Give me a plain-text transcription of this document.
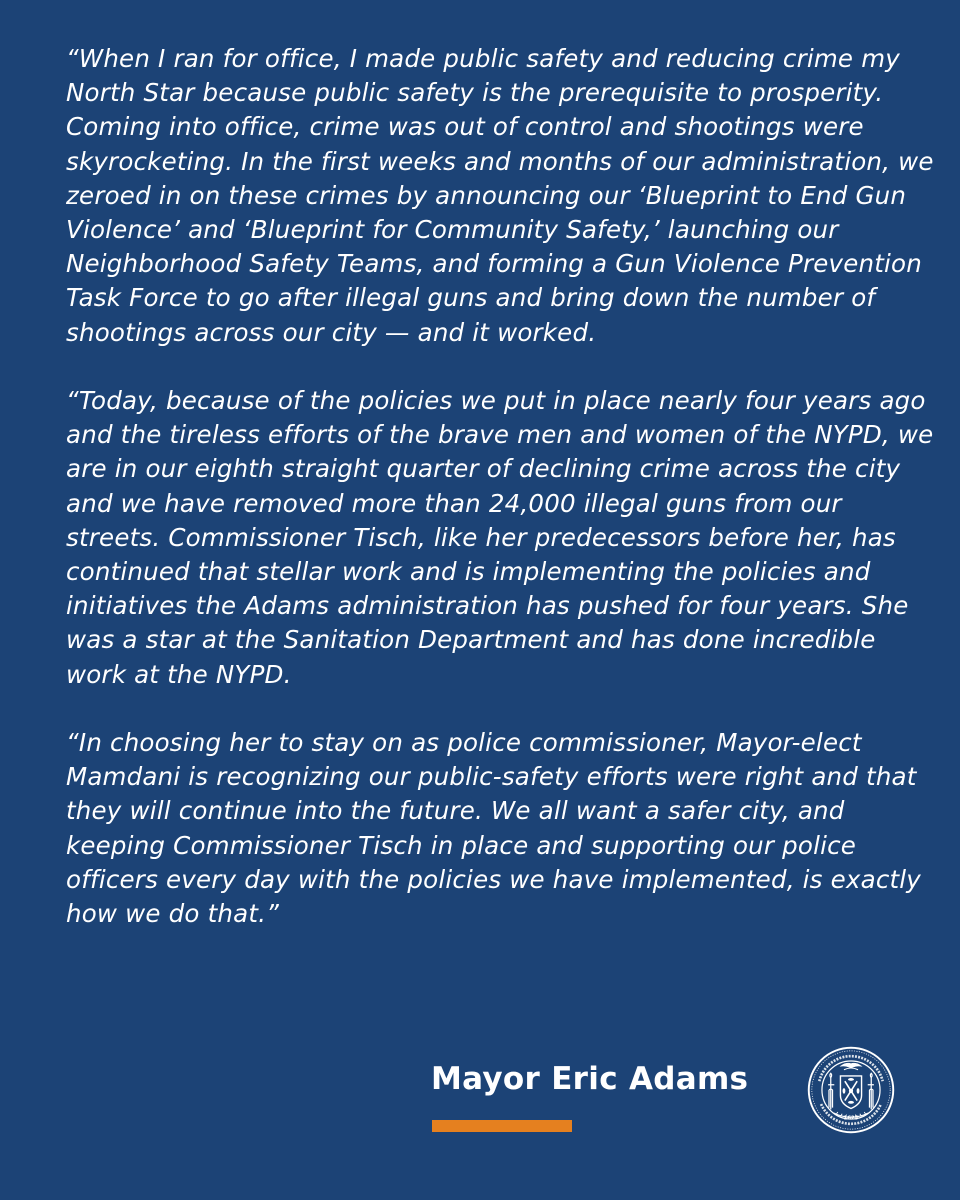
“When I ran for office, I made public safety and reducing crime my North Star because public safety is the prerequisite to prosperity. Coming into office, crime was out of control and shootings were skyrocketing. In the first weeks and months of our administration, we zeroed in on these crimes by announcing our ‘Blueprint to End Gun Violence’ and ‘Blueprint for Community Safety,’ launching our Neighborhood Safety Teams, and forming a Gun Violence Prevention Task Force to go after illegal guns and bring down the number of shootings across our city — and it worked.

“Today, because of the policies we put in place nearly four years ago and the tireless efforts of the brave men and women of the NYPD, we are in our eighth straight quarter of declining crime across the city and we have removed more than 24,000 illegal guns from our streets. Commissioner Tisch, like her predecessors before her, has continued that stellar work and is implementing the policies and initiatives the Adams administration has pushed for four years. She was a star at the Sanitation Department and has done incredible work at the NYPD.

“In choosing her to stay on as police commissioner, Mayor-elect Mamdani is recognizing our public-safety efforts were right and that they will continue into the future. We all want a safer city, and keeping Commissioner Tisch in place and supporting our police officers every day with the policies we have implemented, is exactly how we do that.”

Mayor Eric Adams
1625
